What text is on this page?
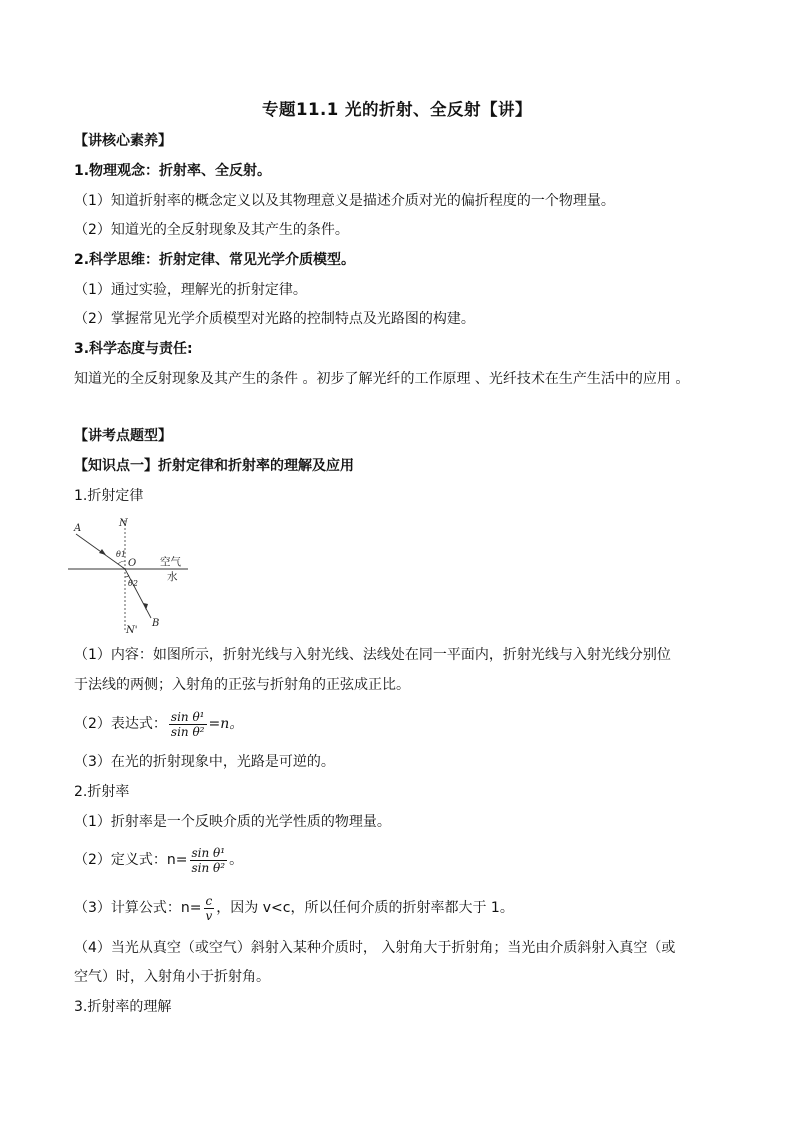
专题11.1 光的折射、全反射【讲】
【讲核心素养】
1.物理观念：折射率、全反射。
（1）知道折射率的概念定义以及其物理意义是描述介质对光的偏折程度的一个物理量。
（2）知道光的全反射现象及其产生的条件。
2.科学思维：折射定律、常见光学介质模型。
（1）通过实验，理解光的折射定律。
（2）掌握常见光学介质模型对光路的控制特点及光路图的构建。
3.科学态度与责任:
知道光的全反射现象及其产生的条件 。初步了解光纤的工作原理 、光纤技术在生产生活中的应用 。
【讲考点题型】
【知识点一】折射定律和折射率的理解及应用
1.折射定律
A	N
θ1
O 空气
水
θ2
B
N'
（1）内容：如图所示，折射光线与入射光线、法线处在同一平面内，折射光线与入射光线分别位
于法线的两侧；入射角的正弦与折射角的正弦成正比。
（2）表达式： $\frac{\text{sin θ¹}}{\text{sin θ²}} =n$。
（3）在光的折射现象中，光路是可逆的。
2.折射率
（1）折射率是一个反映介质的光学性质的物理量。
（2）定义式：$n= \frac{\text{sin θ¹}}{\text{sin θ²}}$ 。
（3）计算公式：$n= \frac{c}{v}$ ，因为 v<c，所以任何介质的折射率都大于 1。
（4）当光从真空（或空气）斜射入某种介质时， 入射角大于折射角；当光由介质斜射入真空（或
空气）时，入射角小于折射角。
3.折射率的理解
